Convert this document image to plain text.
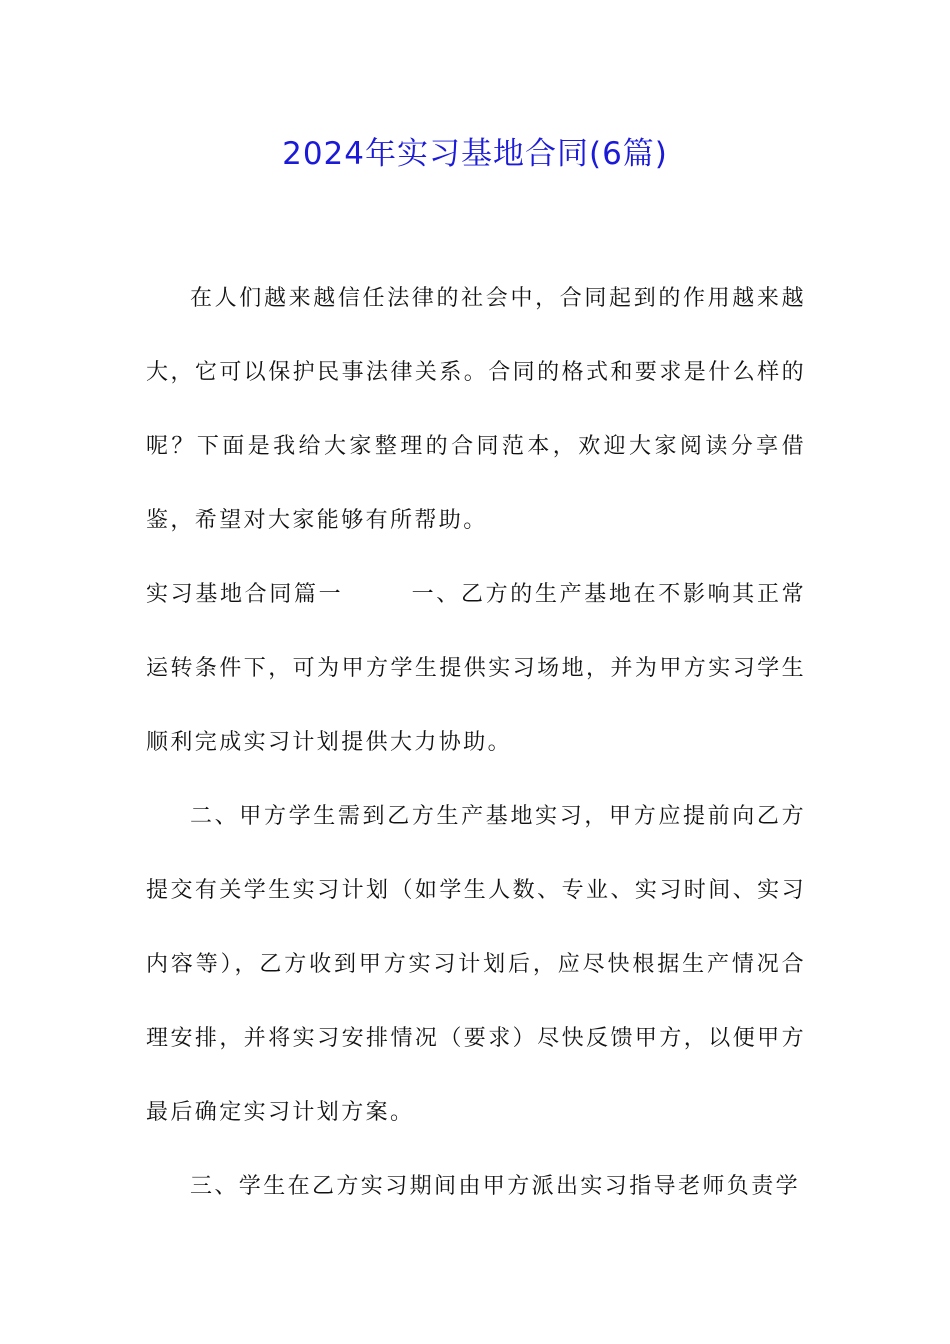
2024年实习基地合同(6篇)

在人们越来越信任法律的社会中，合同起到的作用越来越大，它可以保护民事法律关系。合同的格式和要求是什么样的呢？下面是我给大家整理的合同范本，欢迎大家阅读分享借鉴，希望对大家能够有所帮助。

实习基地合同篇一	一、乙方的生产基地在不影响其正常运转条件下，可为甲方学生提供实习场地，并为甲方实习学生顺利完成实习计划提供大力协助。

二、甲方学生需到乙方生产基地实习，甲方应提前向乙方提交有关学生实习计划（如学生人数、专业、实习时间、实习内容等），乙方收到甲方实习计划后，应尽快根据生产情况合理安排，并将实习安排情况（要求）尽快反馈甲方，以便甲方最后确定实习计划方案。

三、学生在乙方实习期间由甲方派出实习指导老师负责学
